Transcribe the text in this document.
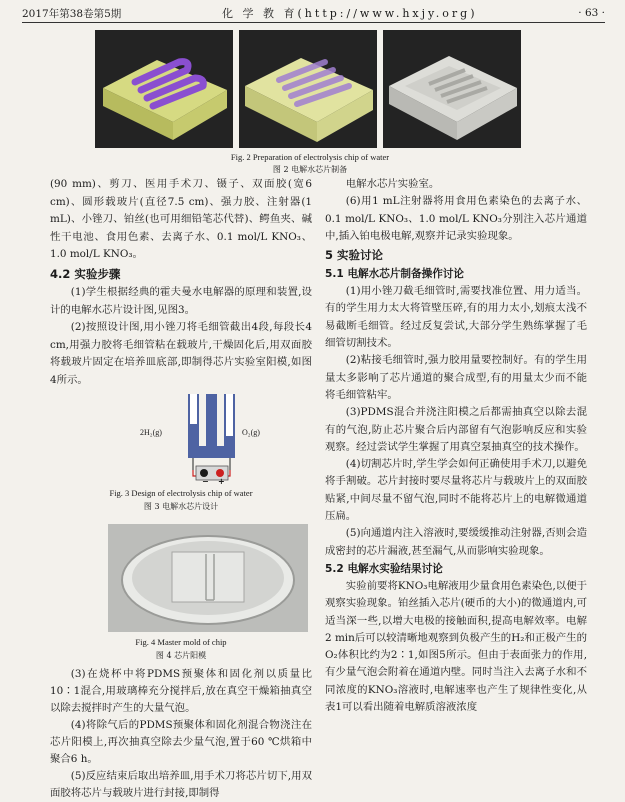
2017年第38卷第5期	化 学 教 育(http://www.hxjy.org)	· 63 ·
Fig. 2 Preparation of electrolysis chip of water
图 2 电解水芯片制备

(90 mm)、剪刀、医用手术刀、镊子、双面胶(宽6 cm)、圆形载玻片(直径7.5 cm)、强力胶、注射器(1 mL)、小锉刀、铂丝(也可用细铅笔芯代替)、鳄鱼夹、碱性干电池、食用色素、去离子水、0.1 mol/L KNO₃、1.0 mol/L KNO₃。

4.2 实验步骤

(1)学生根据经典的霍夫曼水电解器的原理和装置,设计的电解水芯片设计图,见图3。

(2)按照设计图,用小锉刀将毛细管截出4段,每段长4 cm,用强力胶将毛细管粘在载玻片,干燥固化后,用双面胶将载玻片固定在培养皿底部,即制得芯片实验室阳模,如图4所示。

2H₂(g)	O₂(g)
− +
Fig. 3 Design of electrolysis chip of water
图 3 电解水芯片设计
Fig. 4 Master mold of chip
图 4 芯片阳模

(3)在烧杯中将PDMS预聚体和固化剂以质量比10∶1混合,用玻璃棒充分搅拌后,放在真空干燥箱抽真空以除去搅拌时产生的大量气泡。

(4)将除气后的PDMS预聚体和固化剂混合物浇注在芯片阳模上,再次抽真空除去少量气泡,置于60 ℃烘箱中聚合6 h。

(5)反应结束后取出培养皿,用手术刀将芯片切下,用双面胶将芯片与载玻片进行封接,即制得

电解水芯片实验室。

(6)用1 mL注射器将用食用色素染色的去离子水、0.1 mol/L KNO₃、1.0 mol/L KNO₃分别注入芯片通道中,插入铂电极电解,观察并记录实验现象。

5 实验讨论
5.1 电解水芯片制备操作讨论

(1)用小锉刀截毛细管时,需要找准位置、用力适当。有的学生用力太大将管壁压碎,有的用力太小,划痕太浅不易截断毛细管。经过反复尝试,大部分学生熟练掌握了毛细管切割技术。

(2)粘接毛细管时,强力胶用量要控制好。有的学生用量太多影响了芯片通道的聚合成型,有的用量太少而不能将毛细管粘牢。

(3)PDMS混合并浇注阳模之后都需抽真空以除去混有的气泡,防止芯片聚合后内部留有气泡影响反应和实验观察。经过尝试学生掌握了用真空泵抽真空的技术操作。

(4)切割芯片时,学生学会如何正确使用手术刀,以避免将手割破。芯片封接时要尽量将芯片与载玻片上的双面胶贴紧,中间尽量不留气泡,同时不能将芯片上的电解微通道压扁。

(5)向通道内注入溶液时,要缓缓推动注射器,否则会造成密封的芯片漏液,甚至漏气,从而影响实验现象。

5.2 电解水实验结果讨论

实验前要将KNO₃电解液用少量食用色素染色,以便于观察实验现象。铂丝插入芯片(硬币的大小)的微通道内,可适当深一些,以增大电极的接触面积,提高电解效率。电解2 min后可以较清晰地观察到负极产生的H₂和正极产生的O₂体积比约为2∶1,如图5所示。但由于表面张力的作用,有少量气泡会附着在通道内壁。同时当注入去离子水和不同浓度的KNO₃溶液时,电解速率也产生了规律性变化,从表1可以看出随着电解质溶液浓度
